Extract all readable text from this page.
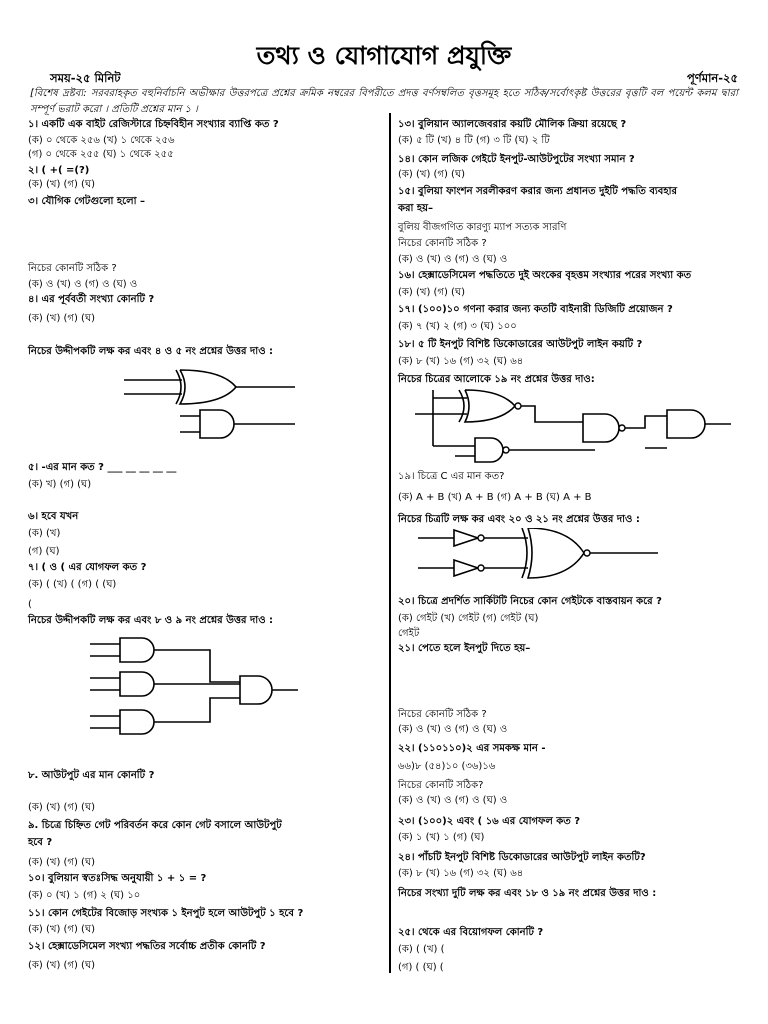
তথ্য ও যোগাযোগ প্রযুক্তি
সময়-২৫ মিনিট	পূর্ণমান-২৫
[বিশেষ দ্রষ্টব্য: সরবরাহকৃত বহুনির্বাচনি অভীক্ষার উত্তরপত্রে প্রশ্নের ক্রমিক নম্বরের বিপরীতে প্রদত্ত বর্ণসম্বলিত বৃত্তসমূহ হতে সঠিক/সর্বোৎকৃষ্ট উত্তরের বৃত্তটি বল পয়েন্ট কলম দ্বারা সম্পূর্ণ ভরাট করো । প্রতিটি প্রশ্নের মান ১ ।
১। একটি এক বাইট রেজিস্টারে চিহ্নবিহীন সংখ্যার ব্যাপ্তি কত ?
(ক) ০ থেকে ২৫৬ (খ) ১ থেকে ২৫৬
(গ) ০ থেকে ২৫৫ (ঘ) ১ থেকে ২৫৫
২। ( +( =(?)
(ক) (খ) (গ) (ঘ)
৩। যৌগিক গেটগুলো হলো –
নিচের কোনটি সঠিক ?
(ক) ও (খ) ও (গ) ও (ঘ) ও
৪। এর পূর্ববর্তী সংখ্যা কোনটি ?
(ক) (খ) (গ) (ঘ)
নিচের উদ্দীপকটি লক্ষ কর এবং ৪ ও ৫ নং প্রশ্নের উত্তর দাও :
৫। -এর মান কত ? ___ __ __ __ __
(ক) খ) (গ) (ঘ)
৬। হবে যখন
(ক) (খ)
(গ) (ঘ)
৭। ( ও ( এর যোগফল কত ?
(ক) ( (খ) ( (গ) ( (ঘ)
(
নিচের উদ্দীপকটি লক্ষ কর এবং ৮ ও ৯ নং প্রশ্নের উত্তর দাও :
৮. আউটপুট এর মান কোনটি ?
(ক) (খ) (গ) (ঘ)
৯. চিত্রে চিহ্নিত গেট পরিবর্তন করে কোন গেট বসালে আউটপুট
হবে ?
(ক) (খ) (গ) (ঘ)
১০। বুলিয়ান স্বতঃসিদ্ধ অনুযায়ী ১ + ১ = ?
(ক) ০ (খ) ১ (গ) ২ (ঘ) ১০
১১। কোন গেইটের বিজোড় সংখ্যক ১ ইনপুট হলে আউটপুট ১ হবে ?
(ক) (খ) (গ) (ঘ)
১২। হেক্সাডেসিমেল সংখ্যা পদ্ধতির সর্বোচ্চ প্রতীক কোনটি ?
(ক) (খ) (গ) (ঘ)
১৩। বুলিয়ান অ্যালজেবরার কয়টি মৌলিক ক্রিয়া রয়েছে ?
(ক) ৫ টি (খ) ৪ টি (গ) ৩ টি (ঘ) ২ টি
১৪। কোন লজিক গেইটে ইনপুট-আউটপুটের সংখ্যা সমান ?
(ক) (খ) (গ) (ঘ)
১৫। বুলিয়া ফাংশন সরলীকরণ করার জন্য প্রধানত দুইটি পদ্ধতি ব্যবহার
করা হয়–
বুলিয় বীজগণিত কারণ্যু ম্যাপ সত্যক সারণি
নিচের কোনটি সঠিক ?
(ক) ও (খ) ও (গ) ও (ঘ) ও
১৬। হেক্সাডেসিমেল পদ্ধতিতে দুই অংকের বৃহত্তম সংখ্যার পরের সংখ্যা কত
(ক) (খ) (গ) (ঘ)
১৭। (১০০)১০ গণনা করার জন্য কতটি বাইনারী ডিজিটি প্রয়োজন ?
(ক) ৭ (খ) ২ (গ) ৩ (ঘ) ১০০
১৮। ৫ টি ইনপুট বিশিষ্ট ডিকোডারের আউটপুট লাইন কয়টি ?
(ক) ৮ (খ) ১৬ (গ) ৩২ (ঘ) ৬৪
নিচের চিত্রের আলোকে ১৯ নং প্রশ্নের উত্তর দাও:
১৯। চিত্রে C এর মান কত?
(ক) A + B (খ) A + B (গ) A + B (ঘ) A + B
নিচের চিত্রটি লক্ষ কর এবং ২০ ও ২১ নং প্রশ্নের উত্তর দাও :
২০। চিত্রে প্রদর্শিত সার্কিটটি নিচের কোন গেইটকে বাস্তবায়ন করে ?
(ক) গেইট (খ) গেইট (গ) গেইট (ঘ)
গেইট
২১। পেতে হলে ইনপুট দিতে হয়–
নিচের কোনটি সঠিক ?
(ক) ও (খ) ও (গ) ও (ঘ) ও
২২। (১১০১১০)২ এর সমকক্ষ মান -
৬৬)৮ (৫৪)১০ (৩৬)১৬
নিচের কোনটি সঠিক?
(ক) ও (খ) ও (গ) ও (ঘ) ও
২৩। (১০০)২ এবং ( ১৬ এর যোগফল কত ?
(ক) ১ (খ) ১ (গ) (ঘ)
২৪। পাঁচটি ইনপুট বিশিষ্ট ডিকোডারের আউটপুট লাইন কতটি?
(ক) ৮ (খ) ১৬ (গ) ৩২ (ঘ) ৬৪
নিচের সংখ্যা দুটি লক্ষ কর এবং ১৮ ও ১৯ নং প্রশ্নের উত্তর দাও :
২৫। থেকে এর বিয়োগফল কোনটি ?
(ক) ( (খ) (
(গ) ( (ঘ) (
